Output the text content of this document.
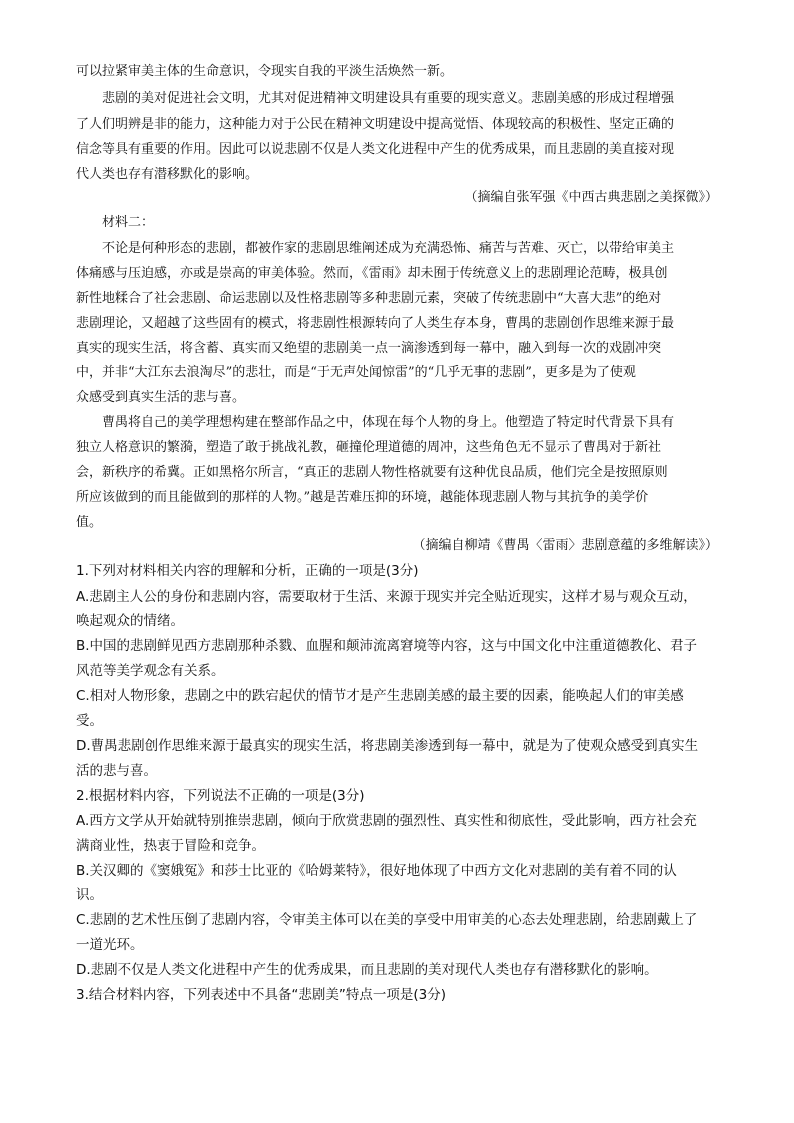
可以拉紧审美主体的生命意识，令现实自我的平淡生活焕然一新。
悲剧的美对促进社会文明，尤其对促进精神文明建设具有重要的现实意义。悲剧美感的形成过程增强
了人们明辨是非的能力，这种能力对于公民在精神文明建设中提高觉悟、体现较高的积极性、坚定正确的
信念等具有重要的作用。因此可以说悲剧不仅是人类文化进程中产生的优秀成果，而且悲剧的美直接对现
代人类也存有潜移默化的影响。
（摘编自张军强《中西古典悲剧之美探微》）
材料二：
不论是何种形态的悲剧，都被作家的悲剧思维阐述成为充满恐怖、痛苦与苦难、灭亡，以带给审美主
体痛感与压迫感，亦或是崇高的审美体验。然而，《雷雨》却未囿于传统意义上的悲剧理论范畴，极具创
新性地糅合了社会悲剧、命运悲剧以及性格悲剧等多种悲剧元素，突破了传统悲剧中“大喜大悲”的绝对
悲剧理论，又超越了这些固有的模式，将悲剧性根源转向了人类生存本身，曹禺的悲剧创作思维来源于最
真实的现实生活，将含蓄、真实而又绝望的悲剧美一点一滴渗透到每一幕中，融入到每一次的戏剧冲突
中，并非“大江东去浪淘尽”的悲壮，而是“于无声处闻惊雷”的“几乎无事的悲剧”，更多是为了使观
众感受到真实生活的悲与喜。
曹禺将自己的美学理想构建在整部作品之中，体现在每个人物的身上。他塑造了特定时代背景下具有
独立人格意识的繁漪，塑造了敢于挑战礼教，砸撞伦理道德的周冲，这些角色无不显示了曹禺对于新社
会，新秩序的希冀。正如黑格尔所言，“真正的悲剧人物性格就要有这种优良品质，他们完全是按照原则
所应该做到的而且能做到的那样的人物。”越是苦难压抑的环境，越能体现悲剧人物与其抗争的美学价
值。
（摘编自柳靖《曹禺〈雷雨〉悲剧意蕴的多维解读》）
1.下列对材料相关内容的理解和分析，正确的一项是(3分)
A.悲剧主人公的身份和悲剧内容，需要取材于生活、来源于现实并完全贴近现实，这样才易与观众互动，
唤起观众的情绪。
B.中国的悲剧鲜见西方悲剧那种杀戮、血腥和颠沛流离窘境等内容，这与中国文化中注重道德教化、君子
风范等美学观念有关系。
C.相对人物形象，悲剧之中的跌宕起伏的情节才是产生悲剧美感的最主要的因素，能唤起人们的审美感
受。
D.曹禺悲剧创作思维来源于最真实的现实生活，将悲剧美渗透到每一幕中，就是为了使观众感受到真实生
活的悲与喜。
2.根据材料内容，下列说法不正确的一项是(3分)
A.西方文学从开始就特别推崇悲剧，倾向于欣赏悲剧的强烈性、真实性和彻底性，受此影响，西方社会充
满商业性，热衷于冒险和竞争。
B.关汉卿的《窦娥冤》和莎士比亚的《哈姆莱特》，很好地体现了中西方文化对悲剧的美有着不同的认
识。
C.悲剧的艺术性压倒了悲剧内容，令审美主体可以在美的享受中用审美的心态去处理悲剧，给悲剧戴上了
一道光环。
D.悲剧不仅是人类文化进程中产生的优秀成果，而且悲剧的美对现代人类也存有潜移默化的影响。
3.结合材料内容，下列表述中不具备“悲剧美”特点一项是(3分)
